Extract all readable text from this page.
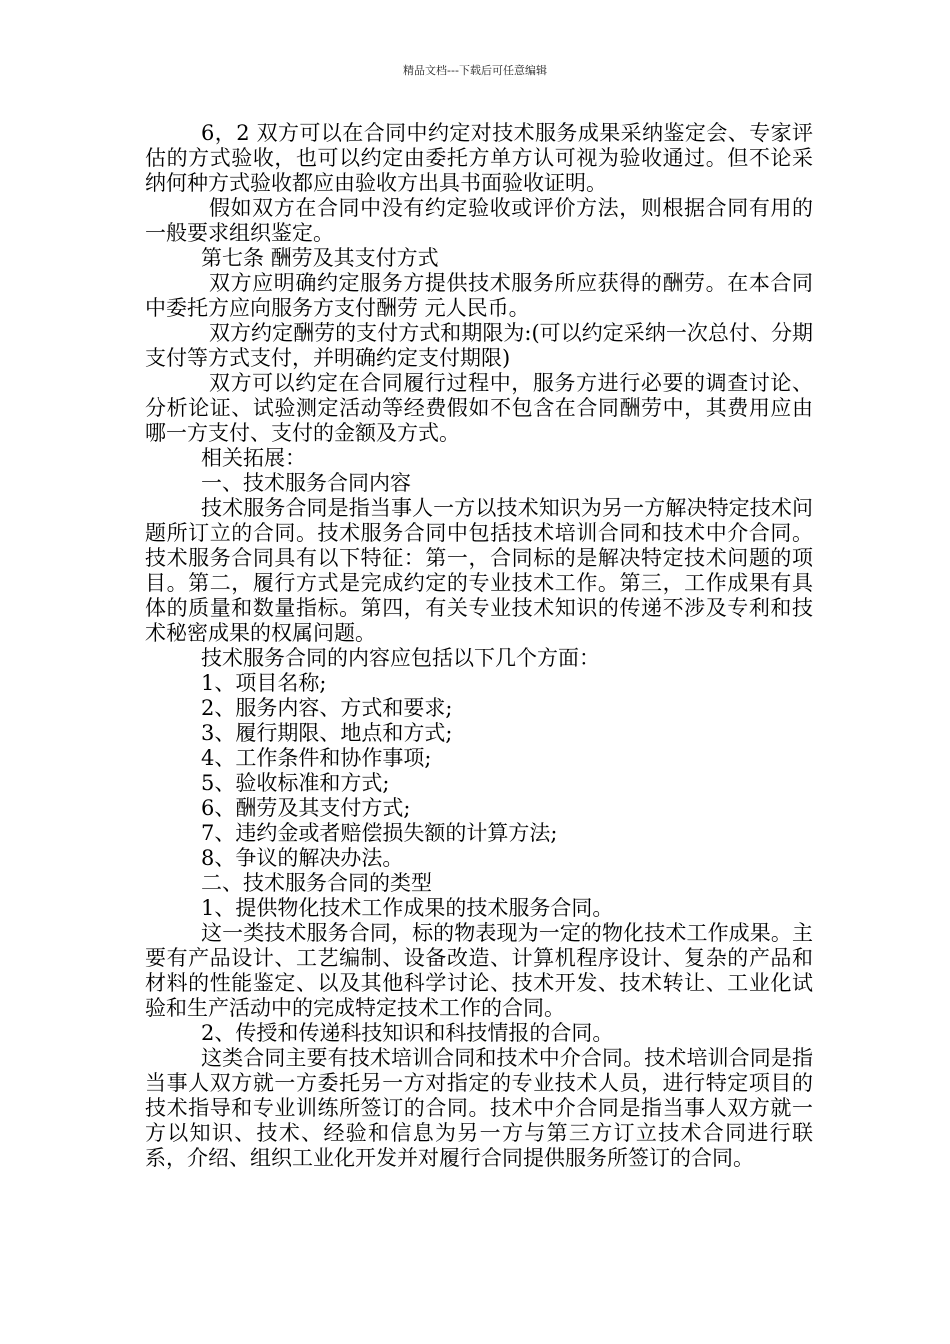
精品文档---下载后可任意编辑

6，2 双方可以在合同中约定对技术服务成果采纳鉴定会、专家评估的方式验收，也可以约定由委托方单方认可视为验收通过。但不论采纳何种方式验收都应由验收方出具书面验收证明。

假如双方在合同中没有约定验收或评价方法，则根据合同有用的一般要求组织鉴定。

第七条 酬劳及其支付方式

双方应明确约定服务方提供技术服务所应获得的酬劳。在本合同中委托方应向服务方支付酬劳 元人民币。

双方约定酬劳的支付方式和期限为:(可以约定采纳一次总付、分期支付等方式支付，并明确约定支付期限)

双方可以约定在合同履行过程中，服务方进行必要的调查讨论、分析论证、试验测定活动等经费假如不包含在合同酬劳中，其费用应由哪一方支付、支付的金额及方式。

相关拓展：

一、技术服务合同内容

技术服务合同是指当事人一方以技术知识为另一方解决特定技术问题所订立的合同。技术服务合同中包括技术培训合同和技术中介合同。技术服务合同具有以下特征：第一，合同标的是解决特定技术问题的项目。第二，履行方式是完成约定的专业技术工作。第三，工作成果有具体的质量和数量指标。第四，有关专业技术知识的传递不涉及专利和技术秘密成果的权属问题。

技术服务合同的内容应包括以下几个方面：

1、项目名称;

2、服务内容、方式和要求;

3、履行期限、地点和方式;

4、工作条件和协作事项;

5、验收标准和方式;

6、酬劳及其支付方式;

7、违约金或者赔偿损失额的计算方法;

8、争议的解决办法。

二、技术服务合同的类型

1、提供物化技术工作成果的技术服务合同。

这一类技术服务合同，标的物表现为一定的物化技术工作成果。主要有产品设计、工艺编制、设备改造、计算机程序设计、复杂的产品和材料的性能鉴定、以及其他科学讨论、技术开发、技术转让、工业化试验和生产活动中的完成特定技术工作的合同。

2、传授和传递科技知识和科技情报的合同。

这类合同主要有技术培训合同和技术中介合同。技术培训合同是指当事人双方就一方委托另一方对指定的专业技术人员，进行特定项目的技术指导和专业训练所签订的合同。技术中介合同是指当事人双方就一方以知识、技术、经验和信息为另一方与第三方订立技术合同进行联系，介绍、组织工业化开发并对履行合同提供服务所签订的合同。
